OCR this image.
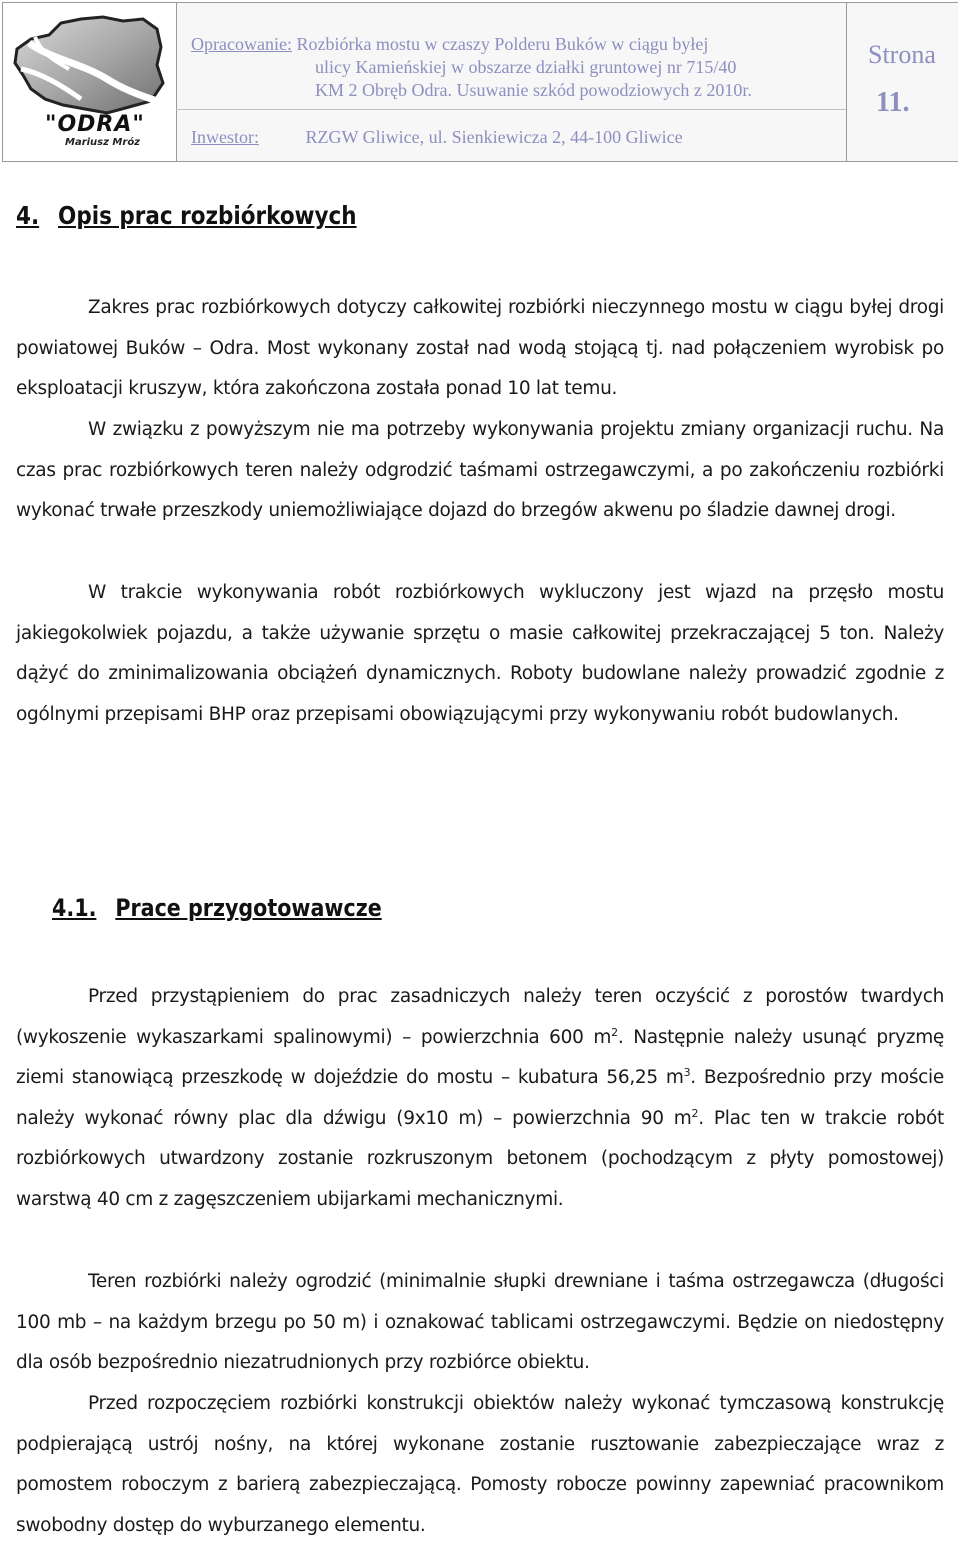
"ODRA"
Mariusz Mróz
Opracowanie: Rozbiórka mostu w czaszy Polderu Buków w ciągu byłej
ulicy Kamieńskiej w obszarze działki gruntowej nr 715/40
KM 2 Obręb Odra. Usuwanie szkód powodziowych z 2010r.
Inwestor:	RZGW Gliwice, ul. Sienkiewicza 2, 44-100 Gliwice
Strona
11.
4. Opis prac rozbiórkowych

Zakres prac rozbiórkowych dotyczy całkowitej rozbiórki nieczynnego mostu w ciągu byłej drogi powiatowej Buków – Odra. Most wykonany został nad wodą stojącą tj. nad połączeniem wyrobisk po eksploatacji kruszyw, która zakończona została ponad 10 lat temu.

W związku z powyższym nie ma potrzeby wykonywania projektu zmiany organizacji ruchu. Na czas prac rozbiórkowych teren należy odgrodzić taśmami ostrzegawczymi, a po zakończeniu rozbiórki wykonać trwałe przeszkody uniemożliwiające dojazd do brzegów akwenu po śladzie dawnej drogi.

W trakcie wykonywania robót rozbiórkowych wykluczony jest wjazd na przęsło mostu jakiegokolwiek pojazdu, a także używanie sprzętu o masie całkowitej przekraczającej 5 ton. Należy dążyć do zminimalizowania obciążeń dynamicznych. Roboty budowlane należy prowadzić zgodnie z ogólnymi przepisami BHP oraz przepisami obowiązującymi przy wykonywaniu robót budowlanych.

4.1. Prace przygotowawcze

Przed przystąpieniem do prac zasadniczych należy teren oczyścić z porostów twardych (wykoszenie wykaszarkami spalinowymi) – powierzchnia 600 $m^2$. Następnie należy usunąć pryzmę ziemi stanowiącą przeszkodę w dojeździe do mostu – kubatura 56,25 $m^3$. Bezpośrednio przy moście należy wykonać równy plac dla dźwigu (9x10 m) – powierzchnia 90 $m^2$. Plac ten w trakcie robót rozbiórkowych utwardzony zostanie rozkruszonym betonem (pochodzącym z płyty pomostowej) warstwą 40 cm z zagęszczeniem ubijarkami mechanicznymi.

Teren rozbiórki należy ogrodzić (minimalnie słupki drewniane i taśma ostrzegawcza (długości 100 mb – na każdym brzegu po 50 m) i oznakować tablicami ostrzegawczymi. Będzie on niedostępny dla osób bezpośrednio niezatrudnionych przy rozbiórce obiektu.

Przed rozpoczęciem rozbiórki konstrukcji obiektów należy wykonać tymczasową konstrukcję podpierającą ustrój nośny, na której wykonane zostanie rusztowanie zabezpieczające wraz z pomostem roboczym z barierą zabezpieczającą. Pomosty robocze powinny zapewniać pracownikom swobodny dostęp do wyburzanego elementu.
